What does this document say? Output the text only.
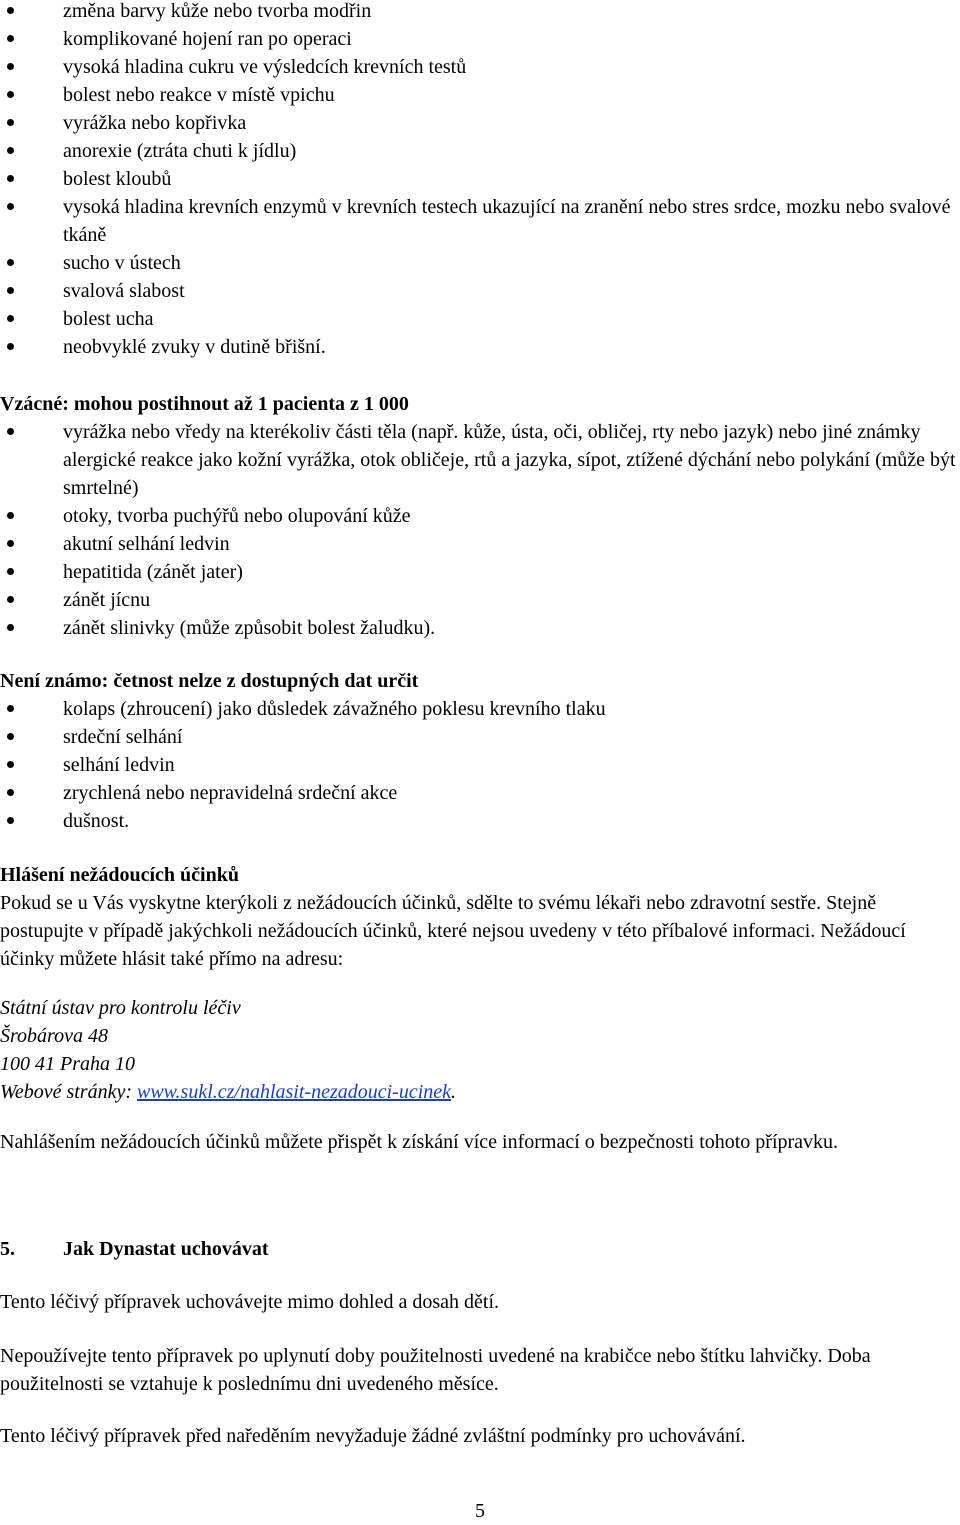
změna barvy kůže nebo tvorba modřin
komplikované hojení ran po operaci
vysoká hladina cukru ve výsledcích krevních testů
bolest nebo reakce v místě vpichu
vyrážka nebo kopřivka
anorexie (ztráta chuti k jídlu)
bolest kloubů
vysoká hladina krevních enzymů v krevních testech ukazující na zranění nebo stres srdce, mozku nebo svalové tkáně
sucho v ústech
svalová slabost
bolest ucha
neobvyklé zvuky v dutině břišní.

Vzácné: mohou postihnout až 1 pacienta z 1 000

vyrážka nebo vředy na kterékoliv části těla (např. kůže, ústa, oči, obličej, rty nebo jazyk) nebo jiné známky alergické reakce jako kožní vyrážka, otok obličeje, rtů a jazyka, sípot, ztížené dýchání nebo polykání (může být smrtelné)
otoky, tvorba puchýřů nebo olupování kůže
akutní selhání ledvin
hepatitida (zánět jater)
zánět jícnu
zánět slinivky (může způsobit bolest žaludku).

Není známo: četnost nelze z dostupných dat určit

kolaps (zhroucení) jako důsledek závažného poklesu krevního tlaku
srdeční selhání
selhání ledvin
zrychlená nebo nepravidelná srdeční akce
dušnost.

Hlášení nežádoucích účinků

Pokud se u Vás vyskytne kterýkoli z nežádoucích účinků, sdělte to svému lékaři nebo zdravotní sestře. Stejně postupujte v případě jakýchkoli nežádoucích účinků, které nejsou uvedeny v této příbalové informaci. Nežádoucí účinky můžete hlásit také přímo na adresu:

Státní ústav pro kontrolu léčiv

Šrobárova 48

100 41 Praha 10

Webové stránky: www.sukl.cz/nahlasit-nezadouci-ucinek.

Nahlášením nežádoucích účinků můžete přispět k získání více informací o bezpečnosti tohoto přípravku.

5. Jak Dynastat uchovávat

Tento léčivý přípravek uchovávejte mimo dohled a dosah dětí.

Nepoužívejte tento přípravek po uplynutí doby použitelnosti uvedené na krabičce nebo štítku lahvičky. Doba použitelnosti se vztahuje k poslednímu dni uvedeného měsíce.

Tento léčivý přípravek před naředěním nevyžaduje žádné zvláštní podmínky pro uchovávání.

5
